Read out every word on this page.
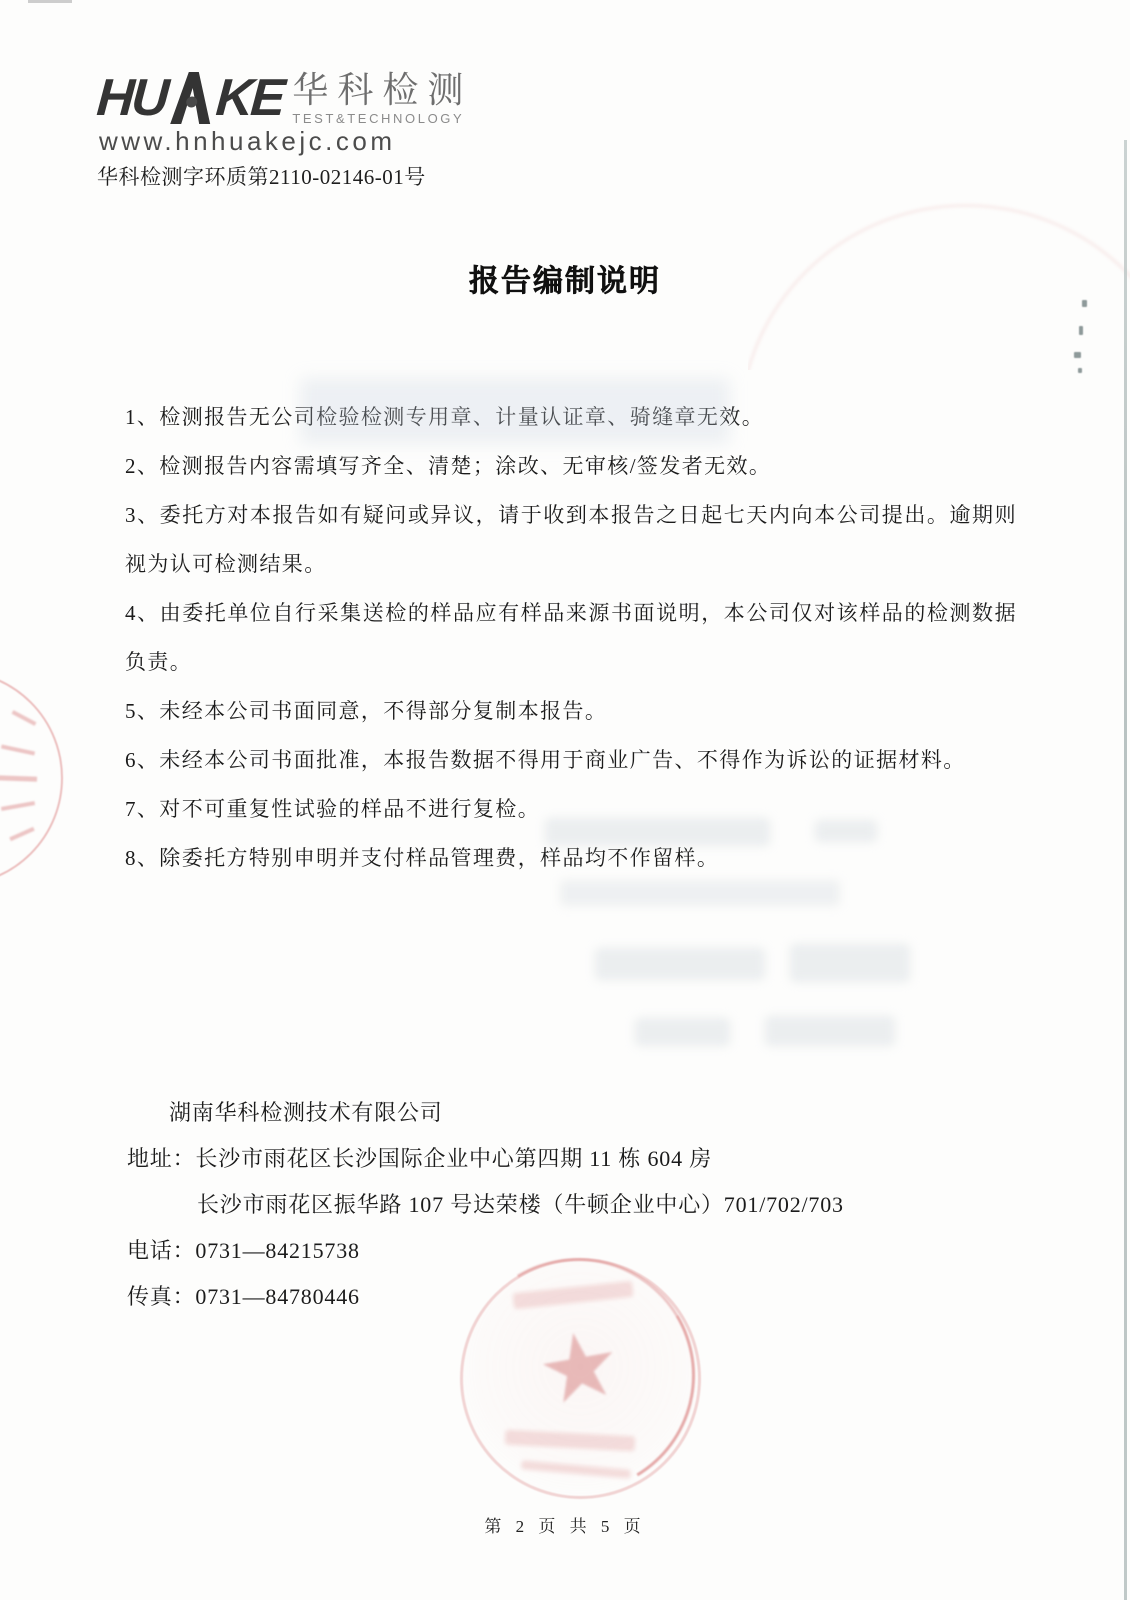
HU KE 华科检测
TEST&TECHNOLOGY
www.hnhuakejc.com
华科检测字环质第2110-02146-01号
报告编制说明

1、检测报告无公司检验检测专用章、计量认证章、骑缝章无效。

2、检测报告内容需填写齐全、清楚；涂改、无审核/签发者无效。

3、委托方对本报告如有疑问或异议，请于收到本报告之日起七天内向本公司提出。逾期则视为认可检测结果。

4、由委托单位自行采集送检的样品应有样品来源书面说明，本公司仅对该样品的检测数据负责。

5、未经本公司书面同意，不得部分复制本报告。

6、未经本公司书面批准，本报告数据不得用于商业广告、不得作为诉讼的证据材料。

7、对不可重复性试验的样品不进行复检。

8、除委托方特别申明并支付样品管理费，样品均不作留样。

湖南华科检测技术有限公司
地址：长沙市雨花区长沙国际企业中心第四期 11 栋 604 房
长沙市雨花区振华路 107 号达荣楼（牛顿企业中心）701/702/703
电话：0731—84215738
传真：0731—84780446
第 2 页 共 5 页
★
